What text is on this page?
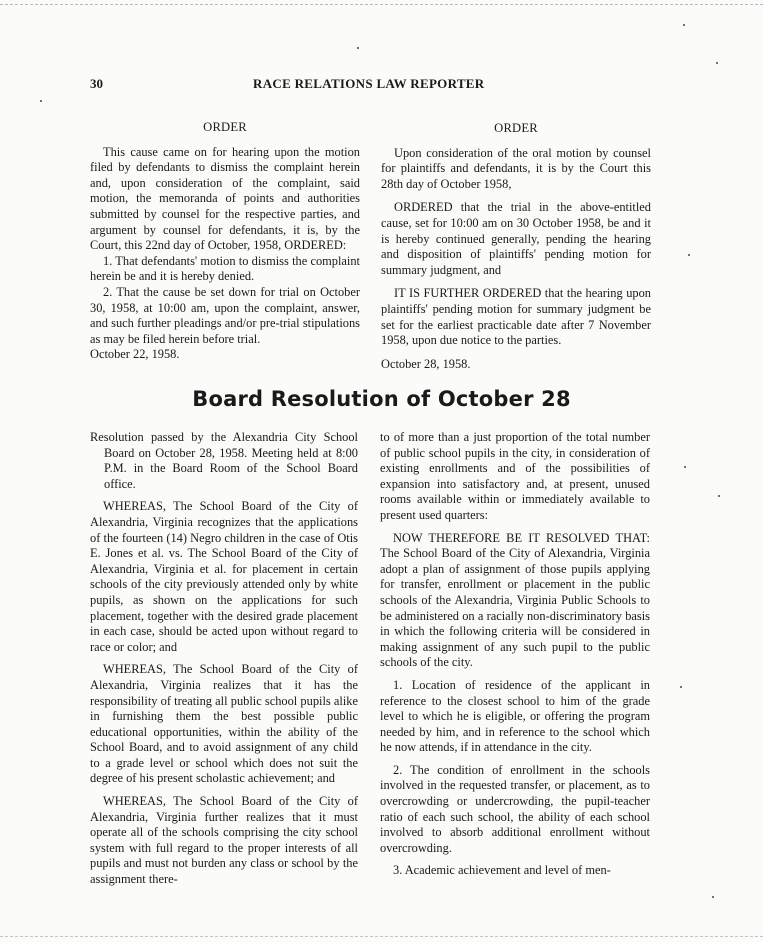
30	RACE RELATIONS LAW REPORTER
ORDER

This cause came on for hearing upon the motion filed by defendants to dismiss the complaint herein and, upon consideration of the complaint, said motion, the memoranda of points and authorities submitted by counsel for the respective parties, and argument by counsel for defendants, it is, by the Court, this 22nd day of October, 1958, ORDERED:

1. That defendants' motion to dismiss the complaint herein be and it is hereby denied.

2. That the cause be set down for trial on October 30, 1958, at 10:00 am, upon the complaint, answer, and such further pleadings and/or pre-trial stipulations as may be filed herein before trial.

October 22, 1958.

ORDER

Upon consideration of the oral motion by counsel for plaintiffs and defendants, it is by the Court this 28th day of October 1958,

ORDERED that the trial in the above-entitled cause, set for 10:00 am on 30 October 1958, be and it is hereby continued generally, pending the hearing and disposition of plaintiffs' pending motion for summary judgment, and

IT IS FURTHER ORDERED that the hearing upon plaintiffs' pending motion for summary judgment be set for the earliest practicable date after 7 November 1958, upon due notice to the parties.

October 28, 1958.

Board Resolution of October 28

Resolution passed by the Alexandria City School Board on October 28, 1958. Meeting held at 8:00 P.M. in the Board Room of the School Board office.

WHEREAS, The School Board of the City of Alexandria, Virginia recognizes that the applications of the fourteen (14) Negro children in the case of Otis E. Jones et al. vs. The School Board of the City of Alexandria, Virginia et al. for placement in certain schools of the city previously attended only by white pupils, as shown on the applications for such placement, together with the desired grade placement in each case, should be acted upon without regard to race or color; and

WHEREAS, The School Board of the City of Alexandria, Virginia realizes that it has the responsibility of treating all public school pupils alike in furnishing them the best possible public educational opportunities, within the ability of the School Board, and to avoid assignment of any child to a grade level or school which does not suit the degree of his present scholastic achievement; and

WHEREAS, The School Board of the City of Alexandria, Virginia further realizes that it must operate all of the schools comprising the city school system with full regard to the proper interests of all pupils and must not burden any class or school by the assignment there-

to of more than a just proportion of the total number of public school pupils in the city, in consideration of existing enrollments and of the possibilities of expansion into satisfactory and, at present, unused rooms available within or immediately available to present used quarters:

NOW THEREFORE BE IT RESOLVED THAT: The School Board of the City of Alexandria, Virginia adopt a plan of assignment of those pupils applying for transfer, enrollment or placement in the public schools of the Alexandria, Virginia Public Schools to be administered on a racially non-discriminatory basis in which the following criteria will be considered in making assignment of any such pupil to the public schools of the city.

1. Location of residence of the applicant in reference to the closest school to him of the grade level to which he is eligible, or offering the program needed by him, and in reference to the school which he now attends, if in attendance in the city.

2. The condition of enrollment in the schools involved in the requested transfer, or placement, as to overcrowding or undercrowding, the pupil-teacher ratio of each such school, the ability of each school involved to absorb additional enrollment without overcrowding.

3. Academic achievement and level of men-
